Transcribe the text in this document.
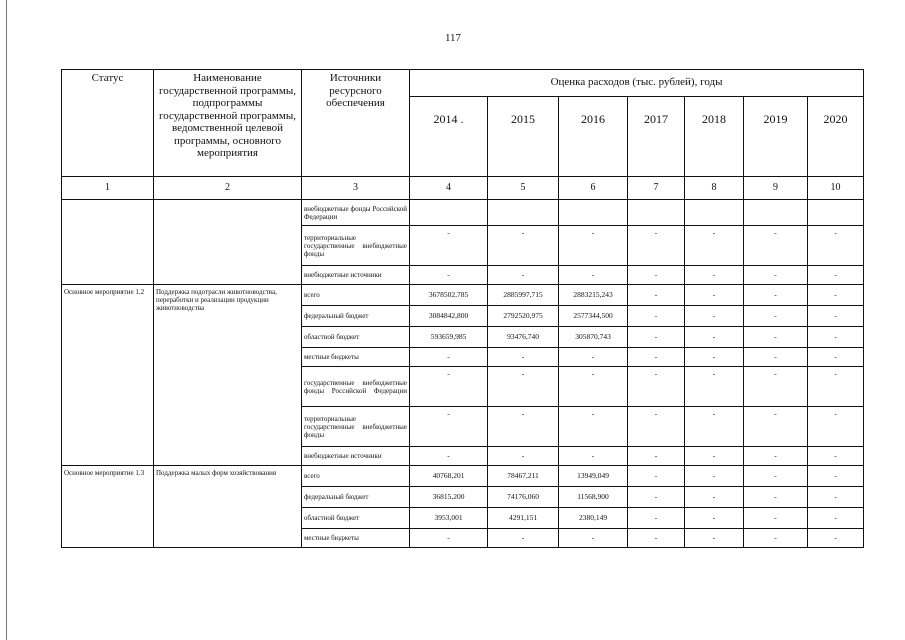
117
Статус	Наименование государственной программы, подпрограммы государственной программы, ведомственной целевой программы, основного мероприятия	Источники ресурсного обеспечения	Оценка расходов (тыс. рублей), годы						
			2014 .	2015	2016	2017	2018	2019	2020
1	2	3	4	5	6	7	8	9	10
		внебюджетные фонды Российской Федерации							
		территориальные государственные внебюджетные фонды	-	-	-	-	-	-	-
		внебюджетные источники	-	-	-	-	-	-	-
Основное мероприятие 1.2	Поддержка подотрасли животноводства, переработки и реализации продукции животноводства	всего	3678502,785	2885997,715	2883215,243	-	-	-	-
		федеральный бюджет	3084842,800	2792520,975	2577344,500	-	-	-	-
		областной бюджет	593659,985	93476,740	305870,743	-	-	-	-
		местные бюджеты	-	-	-	-	-	-	-
		государственные внебюджетные фонды Российской Федерации	-	-	-	-	-	-	-
		территориальные государственные внебюджетные фонды	-	-	-	-	-	-	-
		внебюджетные источники	-	-	-	-	-	-	-
Основное мероприятие 1.3	Поддержка малых форм хозяйствования	всего	40768,201	78467,211	13949,049	-	-	-	-
		федеральный бюджет	36815,200	74176,060	11568,900	-	-	-	-
		областной бюджет	3953,001	4291,151	2380,149	-	-	-	-
		местные бюджеты	-	-	-	-	-	-	-
